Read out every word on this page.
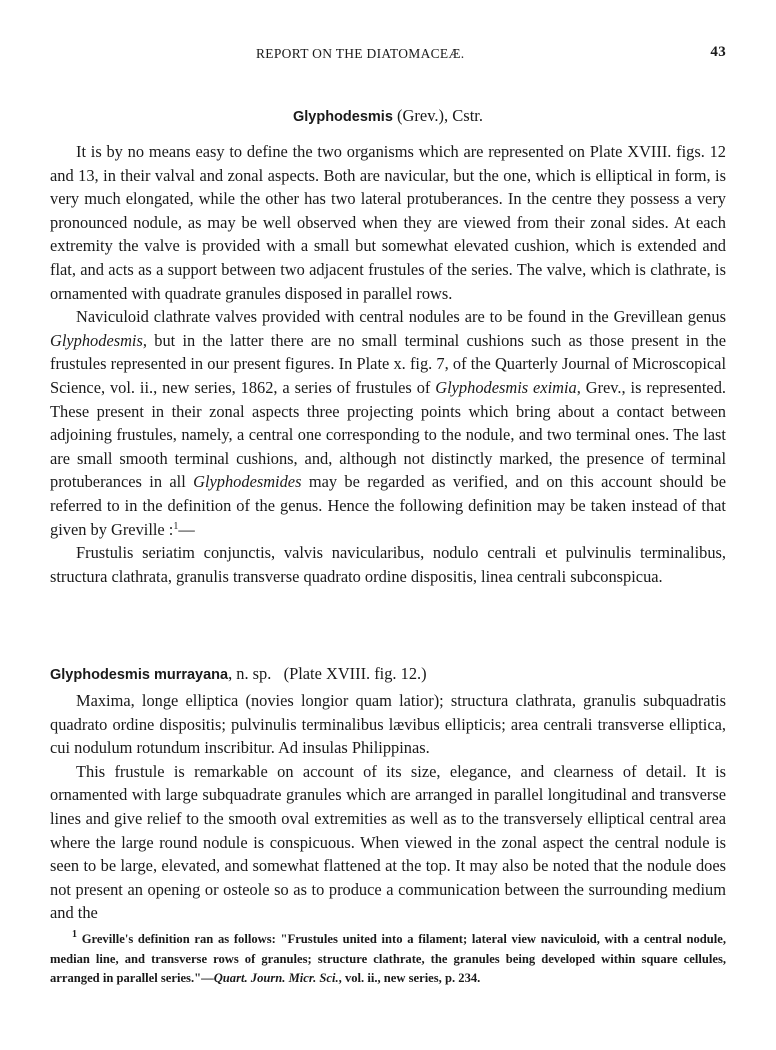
REPORT ON THE DIATOMACEÆ.	43
Glyphodesmis (Grev.), Cstr.

It is by no means easy to define the two organisms which are represented on Plate XVIII. figs. 12 and 13, in their valval and zonal aspects. Both are navicular, but the one, which is elliptical in form, is very much elongated, while the other has two lateral protuberances. In the centre they possess a very pronounced nodule, as may be well observed when they are viewed from their zonal sides. At each extremity the valve is provided with a small but somewhat elevated cushion, which is extended and flat, and acts as a support between two adjacent frustules of the series. The valve, which is clathrate, is ornamented with quadrate granules disposed in parallel rows.

Naviculoid clathrate valves provided with central nodules are to be found in the Grevillean genus Glyphodesmis, but in the latter there are no small terminal cushions such as those present in the frustules represented in our present figures. In Plate x. fig. 7, of the Quarterly Journal of Microscopical Science, vol. ii., new series, 1862, a series of frustules of Glyphodesmis eximia, Grev., is represented. These present in their zonal aspects three projecting points which bring about a contact between adjoining frustules, namely, a central one corresponding to the nodule, and two terminal ones. The last are small smooth terminal cushions, and, although not distinctly marked, the presence of terminal protuberances in all Glyphodesmides may be regarded as verified, and on this account should be referred to in the definition of the genus. Hence the following definition may be taken instead of that given by Greville :$^1$—

Frustulis seriatim conjunctis, valvis navicularibus, nodulo centrali et pulvinulis terminalibus, structura clathrata, granulis transverse quadrato ordine dispositis, linea centrali subconspicua.

Glyphodesmis murrayana, n. sp. (Plate XVIII. fig. 12.)

Maxima, longe elliptica (novies longior quam latior); structura clathrata, granulis subquadratis quadrato ordine dispositis; pulvinulis terminalibus lævibus ellipticis; area centrali transverse elliptica, cui nodulum rotundum inscribitur. Ad insulas Philippinas.

This frustule is remarkable on account of its size, elegance, and clearness of detail. It is ornamented with large subquadrate granules which are arranged in parallel longitudinal and transverse lines and give relief to the smooth oval extremities as well as to the transversely elliptical central area where the large round nodule is conspicuous. When viewed in the zonal aspect the central nodule is seen to be large, elevated, and somewhat flattened at the top. It may also be noted that the nodule does not present an opening or osteole so as to produce a communication between the surrounding medium and the

$^1$ Greville's definition ran as follows: "Frustules united into a filament; lateral view naviculoid, with a central nodule, median line, and transverse rows of granules; structure clathrate, the granules being developed within square cellules, arranged in parallel series."—Quart. Journ. Micr. Sci., vol. ii., new series, p. 234.
